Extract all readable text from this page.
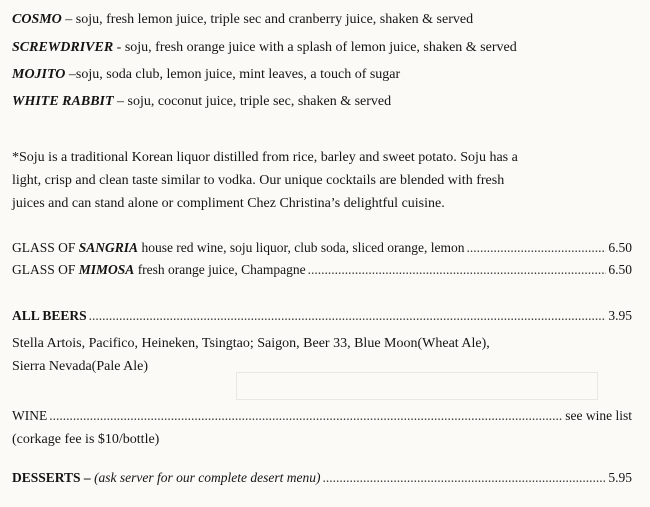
COSMO – soju, fresh lemon juice, triple sec and cranberry juice, shaken & served
SCREWDRIVER - soju, fresh orange juice with a splash of lemon juice, shaken & served
MOJITO –soju, soda club, lemon juice, mint leaves, a touch of sugar
WHITE RABBIT – soju, coconut juice, triple sec, shaken & served

*Soju is a traditional Korean liquor distilled from rice, barley and sweet potato. Soju has a

light, crisp and clean taste similar to vodka. Our unique cocktails are blended with fresh

juices and can stand alone or compliment Chez Christina’s delightful cuisine.

GLASS OF SANGRIA house red wine, soju liquor, club soda, sliced orange, lemon .....	6.50
GLASS OF MIMOSA fresh orange juice, Champagne .....	6.50
ALL BEERS .....	3.95
Stella Artois, Pacifico, Heineken, Tsingtao; Saigon, Beer 33, Blue Moon(Wheat Ale),
Sierra Nevada(Pale Ale)
WINE .....	see wine list
(corkage fee is $10/bottle)
DESSERTS – (ask server for our complete desert menu) .....	5.95
